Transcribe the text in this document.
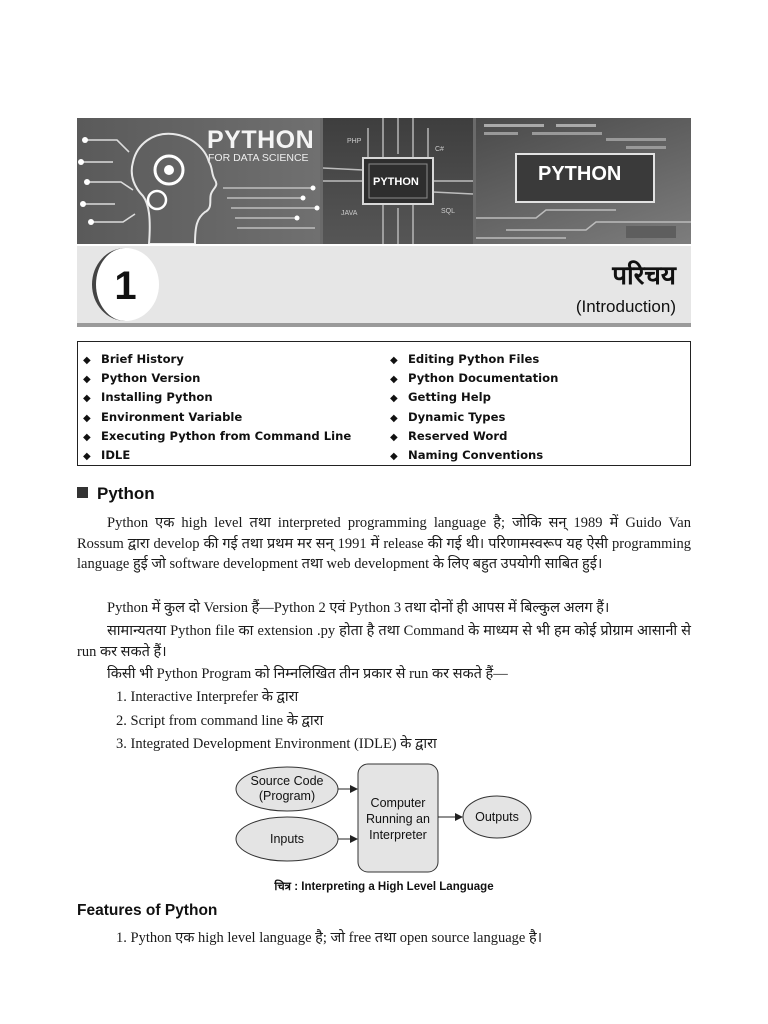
PYTHON
FOR DATA SCIENCE
PYTHON
PHP
C#
JAVA	SQL
PYTHON
1	परिचय
(Introduction)
◆ Brief History
◆ Python Version
◆ Installing Python
◆ Environment Variable
◆ Executing Python from Command Line
◆ IDLE
◆ Editing Python Files
◆ Python Documentation
◆ Getting Help
◆ Dynamic Types
◆ Reserved Word
◆ Naming Conventions
Python
Python एक high level तथा interpreted programming language है; जोकि सन् 1989 में Guido Van Rossum द्वारा develop की गई तथा प्रथम मर सन् 1991 में release की गई थी। परिणामस्वरूप यह ऐसी programming language हुई जो software development तथा web development के लिए बहुत उपयोगी साबित हुई।
Python में कुल दो Version हैं—Python 2 एवं Python 3 तथा दोनों ही आपस में बिल्कुल अलग हैं।
सामान्यतया Python file का extension .py होता है तथा Command के माध्यम से भी हम कोई प्रोग्राम आसानी से run कर सकते हैं।
किसी भी Python Program को निम्नलिखित तीन प्रकार से run कर सकते हैं—
1. Interactive Interprefer के द्वारा
2. Script from command line के द्वारा
3. Integrated Development Environment (IDLE) के द्वारा
Source Code
(Program)
Inputs
Computer
Running an
Interpreter
Outputs
चित्र : Interpreting a High Level Language
Features of Python
1. Python एक high level language है; जो free तथा open source language है।
